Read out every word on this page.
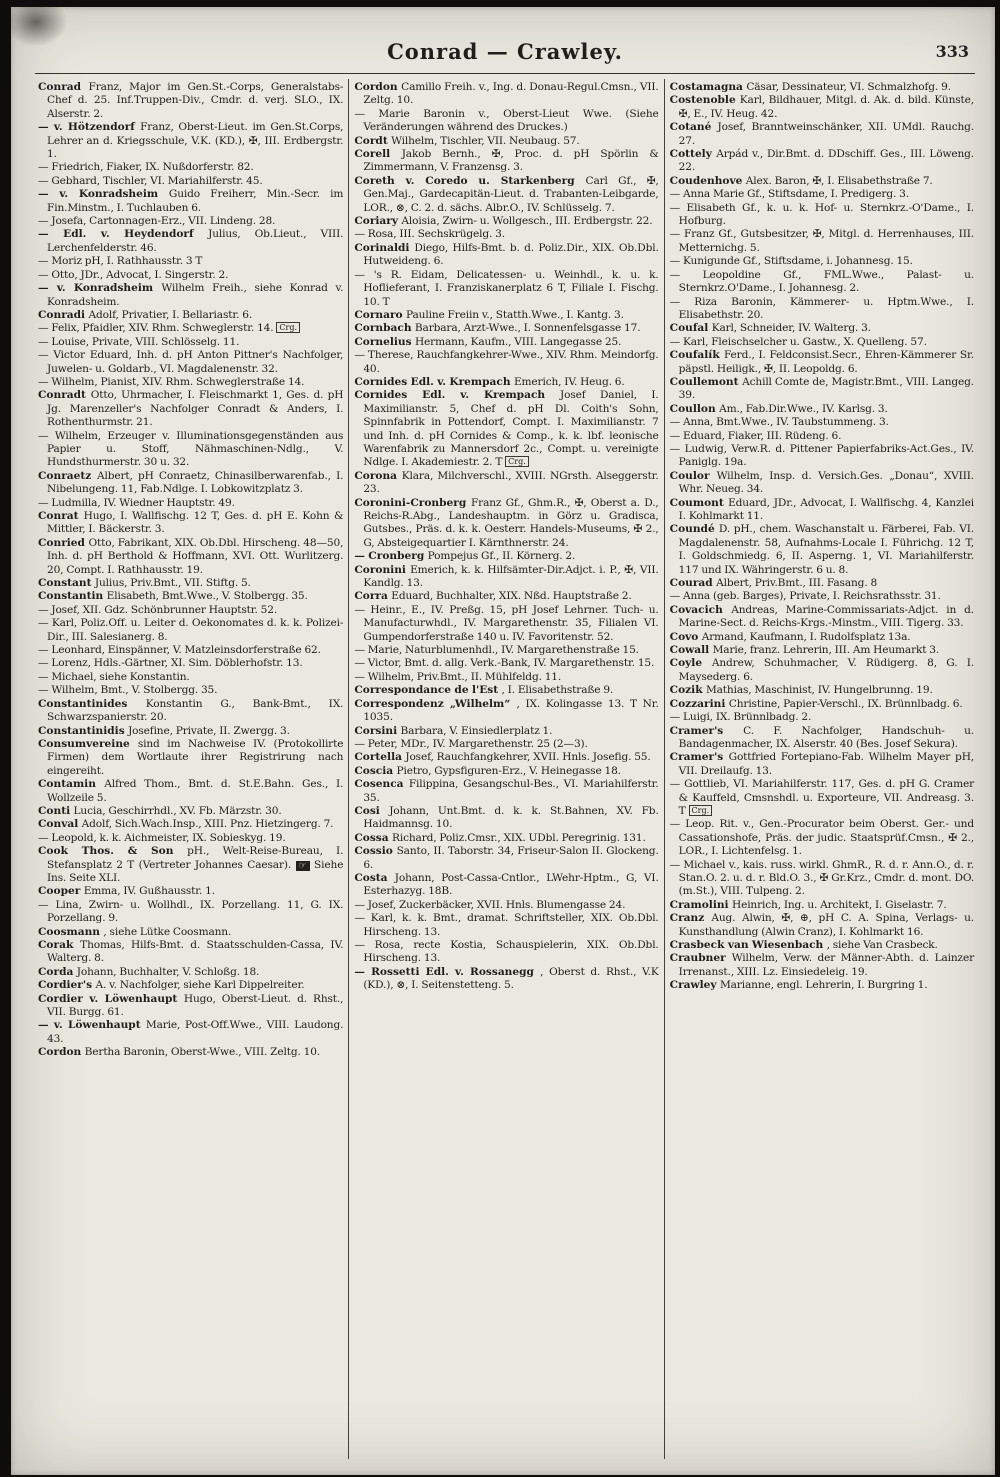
Conrad — Crawley.	333

Conrad Franz, Major im Gen.St.-Corps, Generalstabs-Chef d. 25. Inf.Truppen-Div., Cmdr. d. verj. SLO., IX. Alserstr. 2.

— v. Hötzendorf Franz, Oberst-Lieut. im Gen.St.Corps, Lehrer an d. Kriegsschule, V.K. (KD.), ✠, III. Erdbergstr. 1.

— Friedrich, Fiaker, IX. Nußdorferstr. 82.

— Gebhard, Tischler, VI. Mariahilferstr. 45.

— v. Konradsheim Guido Freiherr, Min.-Secr. im Fin.Minstm., I. Tuchlauben 6.

— Josefa, Cartonnagen-Erz., VII. Lindeng. 28.

— Edl. v. Heydendorf Julius, Ob.Lieut., VIII. Lerchenfelderstr. 46.

— Moriz pH, I. Rathhausstr. 3 T

— Otto, JDr., Advocat, I. Singerstr. 2.

— v. Konradsheim Wilhelm Freih., siehe Konrad v. Konradsheim.

Conradi Adolf, Privatier, I. Bellariastr. 6.

— Felix, Pfaidler, XIV. Rhm. Schweglerstr. 14. Crg.

— Louise, Private, VIII. Schlösselg. 11.

— Victor Eduard, Inh. d. pH Anton Pittner's Nachfolger, Juwelen- u. Goldarb., VI. Magdalenenstr. 32.

— Wilhelm, Pianist, XIV. Rhm. Schweglerstraße 14.

Conradt Otto, Uhrmacher, I. Fleischmarkt 1, Ges. d. pH Jg. Marenzeller's Nachfolger Conradt & Anders, I. Rothenthurmstr. 21.

— Wilhelm, Erzeuger v. Illuminationsgegenständen aus Papier u. Stoff, Nähmaschinen-Ndlg., V. Hundsthurmerstr. 30 u. 32.

Conraetz Albert, pH Conraetz, Chinasilberwarenfab., I. Nibelungeng. 11, Fab.Ndlge. I. Lobkowitzplatz 3.

— Ludmilla, IV. Wiedner Hauptstr. 49.

Conrat Hugo, I. Wallfischg. 12 T, Ges. d. pH E. Kohn & Mittler, I. Bäckerstr. 3.

Conried Otto, Fabrikant, XIX. Ob.Dbl. Hirscheng. 48—50, Inh. d. pH Berthold & Hoffmann, XVI. Ott. Wurlitzerg. 20, Compt. I. Rathhausstr. 19.

Constant Julius, Priv.Bmt., VII. Stiftg. 5.

Constantin Elisabeth, Bmt.Wwe., V. Stolbergg. 35.

— Josef, XII. Gdz. Schönbrunner Hauptstr. 52.

— Karl, Poliz.Off. u. Leiter d. Oekonomates d. k. k. Polizei-Dir., III. Salesianerg. 8.

— Leonhard, Einspänner, V. Matzleinsdorferstraße 62.

— Lorenz, Hdls.-Gärtner, XI. Sim. Döblerhofstr. 13.

— Michael, siehe Konstantin.

— Wilhelm, Bmt., V. Stolbergg. 35.

Constantinides Konstantin G., Bank-Bmt., IX. Schwarzspanierstr. 20.

Constantinidis Josefine, Private, II. Zwergg. 3.

Consumvereine sind im Nachweise IV. (Protokollirte Firmen) dem Wortlaute ihrer Registrirung nach eingereiht.

Contamin Alfred Thom., Bmt. d. St.E.Bahn. Ges., I. Wollzeile 5.

Conti Lucia, Geschirrhdl., XV. Fb. Märzstr. 30.

Conval Adolf, Sich.Wach.Insp., XIII. Pnz. Hietzingerg. 7.

— Leopold, k. k. Aichmeister, IX. Sobieskyg. 19.

Cook Thos. & Son pH., Welt-Reise-Bureau, I. Stefansplatz 2 T (Vertreter Johannes Caesar). ☞ Siehe Ins. Seite XLI.

Cooper Emma, IV. Gußhausstr. 1.

— Lina, Zwirn- u. Wollhdl., IX. Porzellang. 11, G. IX. Porzellang. 9.

Coosmann , siehe Lütke Coosmann.

Corak Thomas, Hilfs-Bmt. d. Staatsschulden-Cassa, IV. Walterg. 8.

Corda Johann, Buchhalter, V. Schloßg. 18.

Cordier's A. v. Nachfolger, siehe Karl Dippelreiter.

Cordier v. Löwenhaupt Hugo, Oberst-Lieut. d. Rhst., VII. Burgg. 61.

— v. Löwenhaupt Marie, Post-Off.Wwe., VIII. Laudong. 43.

Cordon Bertha Baronin, Oberst-Wwe., VIII. Zeltg. 10.

Cordon Camillo Freih. v., Ing. d. Donau-Regul.Cmsn., VII. Zeltg. 10.

— Marie Baronin v., Oberst-Lieut Wwe. (Siehe Veränderungen während des Druckes.)

Cordt Wilhelm, Tischler, VII. Neubaug. 57.

Corell Jakob Bernh., ✠, Proc. d. pH Spörlin & Zimmermann, V. Franzensg. 3.

Coreth v. Coredo u. Starkenberg Carl Gf., ✠, Gen.Maj., Gardecapitän-Lieut. d. Trabanten-Leibgarde, LOR., ⊗, C. 2. d. sächs. Albr.O., IV. Schlüsselg. 7.

Coriary Aloisia, Zwirn- u. Wollgesch., III. Erdbergstr. 22.

— Rosa, III. Sechskrügelg. 3.

Corinaldi Diego, Hilfs-Bmt. b. d. Poliz.Dir., XIX. Ob.Dbl. Hutweideng. 6.

— 's R. Eidam, Delicatessen- u. Weinhdl., k. u. k. Hoflieferant, I. Franziskanerplatz 6 T, Filiale I. Fischg. 10. T

Cornaro Pauline Freiin v., Statth.Wwe., I. Kantg. 3.

Cornbach Barbara, Arzt-Wwe., I. Sonnenfelsgasse 17.

Cornelius Hermann, Kaufm., VIII. Langegasse 25.

— Therese, Rauchfangkehrer-Wwe., XIV. Rhm. Meindorfg. 40.

Cornides Edl. v. Krempach Emerich, IV. Heug. 6.

Cornides Edl. v. Krempach Josef Daniel, I. Maximilianstr. 5, Chef d. pH Dl. Coith's Sohn, Spinnfabrik in Pottendorf, Compt. I. Maximilianstr. 7 und Inh. d. pH Cornides & Comp., k. k. lbf. leonische Warenfabrik zu Mannersdorf 2c., Compt. u. vereinigte Ndlge. I. Akademiestr. 2. T Crg.

Corona Klara, Milchverschl., XVIII. NGrsth. Alseggerstr. 23.

Coronini-Cronberg Franz Gf., Ghm.R., ✠, Oberst a. D., Reichs-R.Abg., Landeshauptm. in Görz u. Gradisca, Gutsbes., Präs. d. k. k. Oesterr. Handels-Museums, ✠ 2., G, Absteigequartier I. Kärnthnerstr. 24.

— Cronberg Pompejus Gf., II. Körnerg. 2.

Coronini Emerich, k. k. Hilfsämter-Dir.Adjct. i. P., ✠, VII. Kandlg. 13.

Corra Eduard, Buchhalter, XIX. Nßd. Hauptstraße 2.

— Heinr., E., IV. Preßg. 15, pH Josef Lehrner. Tuch- u. Manufacturwhdl., IV. Margarethenstr. 35, Filialen VI. Gumpendorferstraße 140 u. IV. Favoritenstr. 52.

— Marie, Naturblumenhdl., IV. Margarethenstraße 15.

— Victor, Bmt. d. allg. Verk.-Bank, IV. Margarethenstr. 15.

— Wilhelm, Priv.Bmt., II. Mühlfeldg. 11.

Correspondance de l'Est , I. Elisabethstraße 9.

Correspondenz „Wilhelm“ , IX. Kolingasse 13. T Nr. 1035.

Corsini Barbara, V. Einsiedlerplatz 1.

— Peter, MDr., IV. Margarethenstr. 25 (2—3).

Cortella Josef, Rauchfangkehrer, XVII. Hnls. Josefig. 55.

Coscia Pietro, Gypsfiguren-Erz., V. Heinegasse 18.

Cosenca Filippina, Gesangschul-Bes., VI. Mariahilferstr. 35.

Cosi Johann, Unt.Bmt. d. k. k. St.Bahnen, XV. Fb. Haidmannsg. 10.

Cossa Richard, Poliz.Cmsr., XIX. UDbl. Peregrinig. 131.

Cossio Santo, II. Taborstr. 34, Friseur-Salon II. Glockeng. 6.

Costa Johann, Post-Cassa-Cntlor., LWehr-Hptm., G, VI. Esterhazyg. 18B.

— Josef, Zuckerbäcker, XVII. Hnls. Blumengasse 24.

— Karl, k. k. Bmt., dramat. Schriftsteller, XIX. Ob.Dbl. Hirscheng. 13.

— Rosa, recte Kostia, Schauspielerin, XIX. Ob.Dbl. Hirscheng. 13.

— Rossetti Edl. v. Rossanegg , Oberst d. Rhst., V.K (KD.), ⊗, I. Seitenstetteng. 5.

Costamagna Cäsar, Dessinateur, VI. Schmalzhofg. 9.

Costenoble Karl, Bildhauer, Mitgl. d. Ak. d. bild. Künste, ✠, E., IV. Heug. 42.

Cotané Josef, Branntweinschänker, XII. UMdl. Rauchg. 27.

Cottely Arpád v., Dir.Bmt. d. DDschiff. Ges., III. Löweng. 22.

Coudenhove Alex. Baron, ✠, I. Elisabethstraße 7.

— Anna Marie Gf., Stiftsdame, I. Predigerg. 3.

— Elisabeth Gf., k. u. k. Hof- u. Sternkrz.-O'Dame., I. Hofburg.

— Franz Gf., Gutsbesitzer, ✠, Mitgl. d. Herrenhauses, III. Metternichg. 5.

— Kunigunde Gf., Stiftsdame, i. Johannesg. 15.

— Leopoldine Gf., FML.Wwe., Palast- u. Sternkrz.O'Dame., I. Johannesg. 2.

— Riza Baronin, Kämmerer- u. Hptm.Wwe., I. Elisabethstr. 20.

Coufal Karl, Schneider, IV. Walterg. 3.

— Karl, Fleischselcher u. Gastw., X. Quelleng. 57.

Coufalík Ferd., I. Feldconsist.Secr., Ehren-Kämmerer Sr. päpstl. Heiligk., ✠, II. Leopoldg. 6.

Coullemont Achill Comte de, Magistr.Bmt., VIII. Langeg. 39.

Coullon Am., Fab.Dir.Wwe., IV. Karlsg. 3.

— Anna, Bmt.Wwe., IV. Taubstummeng. 3.

— Eduard, Fiaker, III. Rüdeng. 6.

— Ludwig, Verw.R. d. Pittener Papierfabriks-Act.Ges., IV. Paniglg. 19a.

Coulor Wilhelm, Insp. d. Versich.Ges. „Donau“, XVIII. Whr. Neueg. 34.

Coumont Eduard, JDr., Advocat, I. Wallfischg. 4, Kanzlei I. Kohlmarkt 11.

Coundé D. pH., chem. Waschanstalt u. Färberei, Fab. VI. Magdalenenstr. 58, Aufnahms-Locale I. Führichg. 12 T, I. Goldschmiedg. 6, II. Asperng. 1, VI. Mariahilferstr. 117 und IX. Währingerstr. 6 u. 8.

Courad Albert, Priv.Bmt., III. Fasang. 8

— Anna (geb. Barges), Private, I. Reichsrathsstr. 31.

Covacich Andreas, Marine-Commissariats-Adjct. in d. Marine-Sect. d. Reichs-Krgs.-Minstm., VIII. Tigerg. 33.

Covo Armand, Kaufmann, I. Rudolfsplatz 13a.

Cowall Marie, franz. Lehrerin, III. Am Heumarkt 3.

Coyle Andrew, Schuhmacher, V. Rüdigerg. 8, G. I. Maysederg. 6.

Cozik Mathias, Maschinist, IV. Hungelbrunng. 19.

Cozzarini Christine, Papier-Verschl., IX. Brünnlbadg. 6.

— Luigi, IX. Brünnlbadg. 2.

Cramer's C. F. Nachfolger, Handschuh- u. Bandagenmacher, IX. Alserstr. 40 (Bes. Josef Sekura).

Cramer's Gottfried Fortepiano-Fab. Wilhelm Mayer pH, VII. Dreilaufg. 13.

— Gottlieb, VI. Mariahilferstr. 117, Ges. d. pH G. Cramer & Kauffeld, Cmsnshdl. u. Exporteure, VII. Andreasg. 3. T Crg.

— Leop. Rit. v., Gen.-Procurator beim Oberst. Ger.- und Cassationshofe, Präs. der judic. Staatsprüf.Cmsn., ✠ 2., LOR., I. Lichtenfelsg. 1.

— Michael v., kais. russ. wirkl. GhmR., R. d. r. Ann.O., d. r. Stan.O. 2. u. d. r. Bld.O. 3., ✠ Gr.Krz., Cmdr. d. mont. DO. (m.St.), VIII. Tulpeng. 2.

Cramolini Heinrich, Ing. u. Architekt, I. Giselastr. 7.

Cranz Aug. Alwin, ✠, ⊕, pH C. A. Spina, Verlags- u. Kunsthandlung (Alwin Cranz), I. Kohlmarkt 16.

Crasbeck van Wiesenbach , siehe Van Crasbeck.

Craubner Wilhelm, Verw. der Männer-Abth. d. Lainzer Irrenanst., XIII. Lz. Einsiedeleig. 19.

Crawley Marianne, engl. Lehrerin, I. Burgring 1.
